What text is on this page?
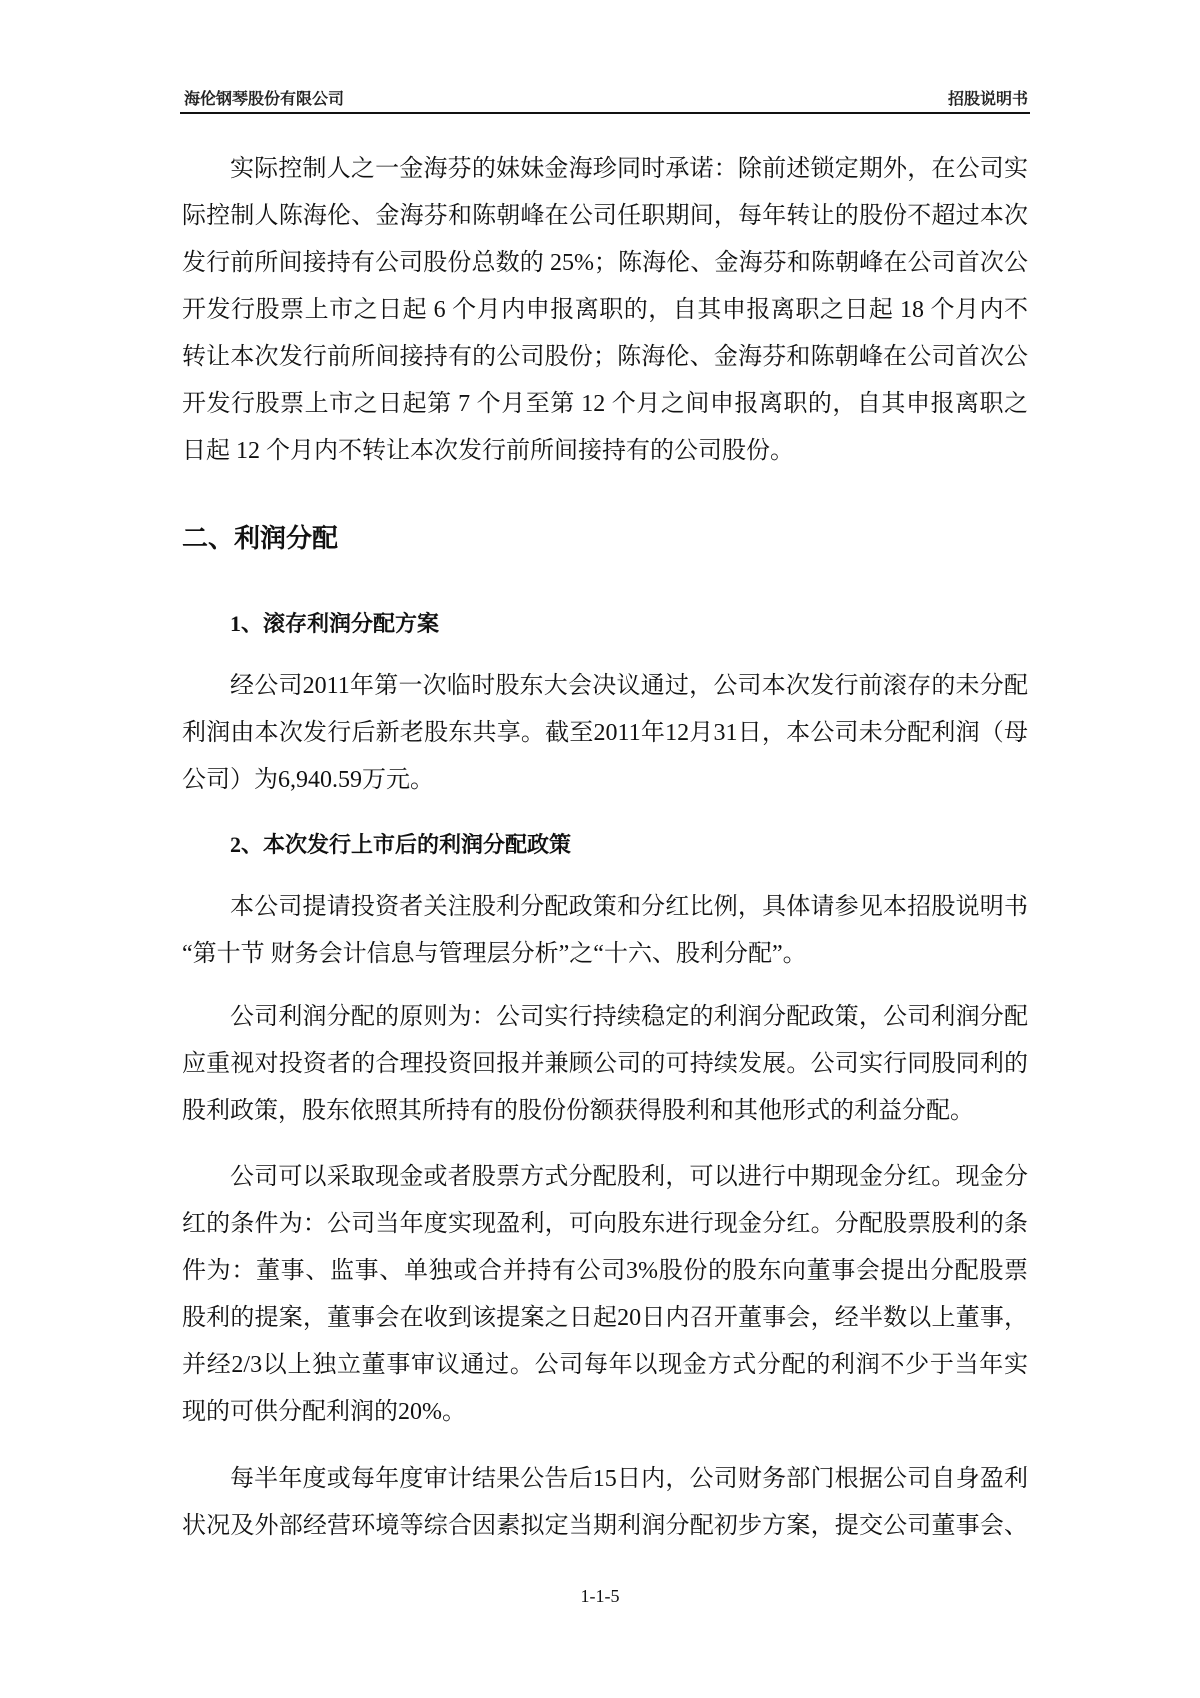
海伦钢琴股份有限公司	招股说明书
实际控制人之一金海芬的妹妹金海珍同时承诺：除前述锁定期外，在公司实
际控制人陈海伦、金海芬和陈朝峰在公司任职期间，每年转让的股份不超过本次
发行前所间接持有公司股份总数的 25%；陈海伦、金海芬和陈朝峰在公司首次公
开发行股票上市之日起 6 个月内申报离职的，自其申报离职之日起 18 个月内不
转让本次发行前所间接持有的公司股份；陈海伦、金海芬和陈朝峰在公司首次公
开发行股票上市之日起第 7 个月至第 12 个月之间申报离职的，自其申报离职之
日起 12 个月内不转让本次发行前所间接持有的公司股份。
二、利润分配
1、滚存利润分配方案
经公司2011年第一次临时股东大会决议通过，公司本次发行前滚存的未分配
利润由本次发行后新老股东共享。截至2011年12月31日，本公司未分配利润（母
公司）为6,940.59万元。
2、本次发行上市后的利润分配政策
本公司提请投资者关注股利分配政策和分红比例，具体请参见本招股说明书
“第十节 财务会计信息与管理层分析”之“十六、股利分配”。
公司利润分配的原则为：公司实行持续稳定的利润分配政策，公司利润分配
应重视对投资者的合理投资回报并兼顾公司的可持续发展。公司实行同股同利的
股利政策，股东依照其所持有的股份份额获得股利和其他形式的利益分配。
公司可以采取现金或者股票方式分配股利，可以进行中期现金分红。现金分
红的条件为：公司当年度实现盈利，可向股东进行现金分红。分配股票股利的条
件为：董事、监事、单独或合并持有公司3%股份的股东向董事会提出分配股票
股利的提案，董事会在收到该提案之日起20日内召开董事会，经半数以上董事，
并经2/3以上独立董事审议通过。公司每年以现金方式分配的利润不少于当年实
现的可供分配利润的20%。
每半年度或每年度审计结果公告后15日内，公司财务部门根据公司自身盈利
状况及外部经营环境等综合因素拟定当期利润分配初步方案，提交公司董事会、
1-1-5
